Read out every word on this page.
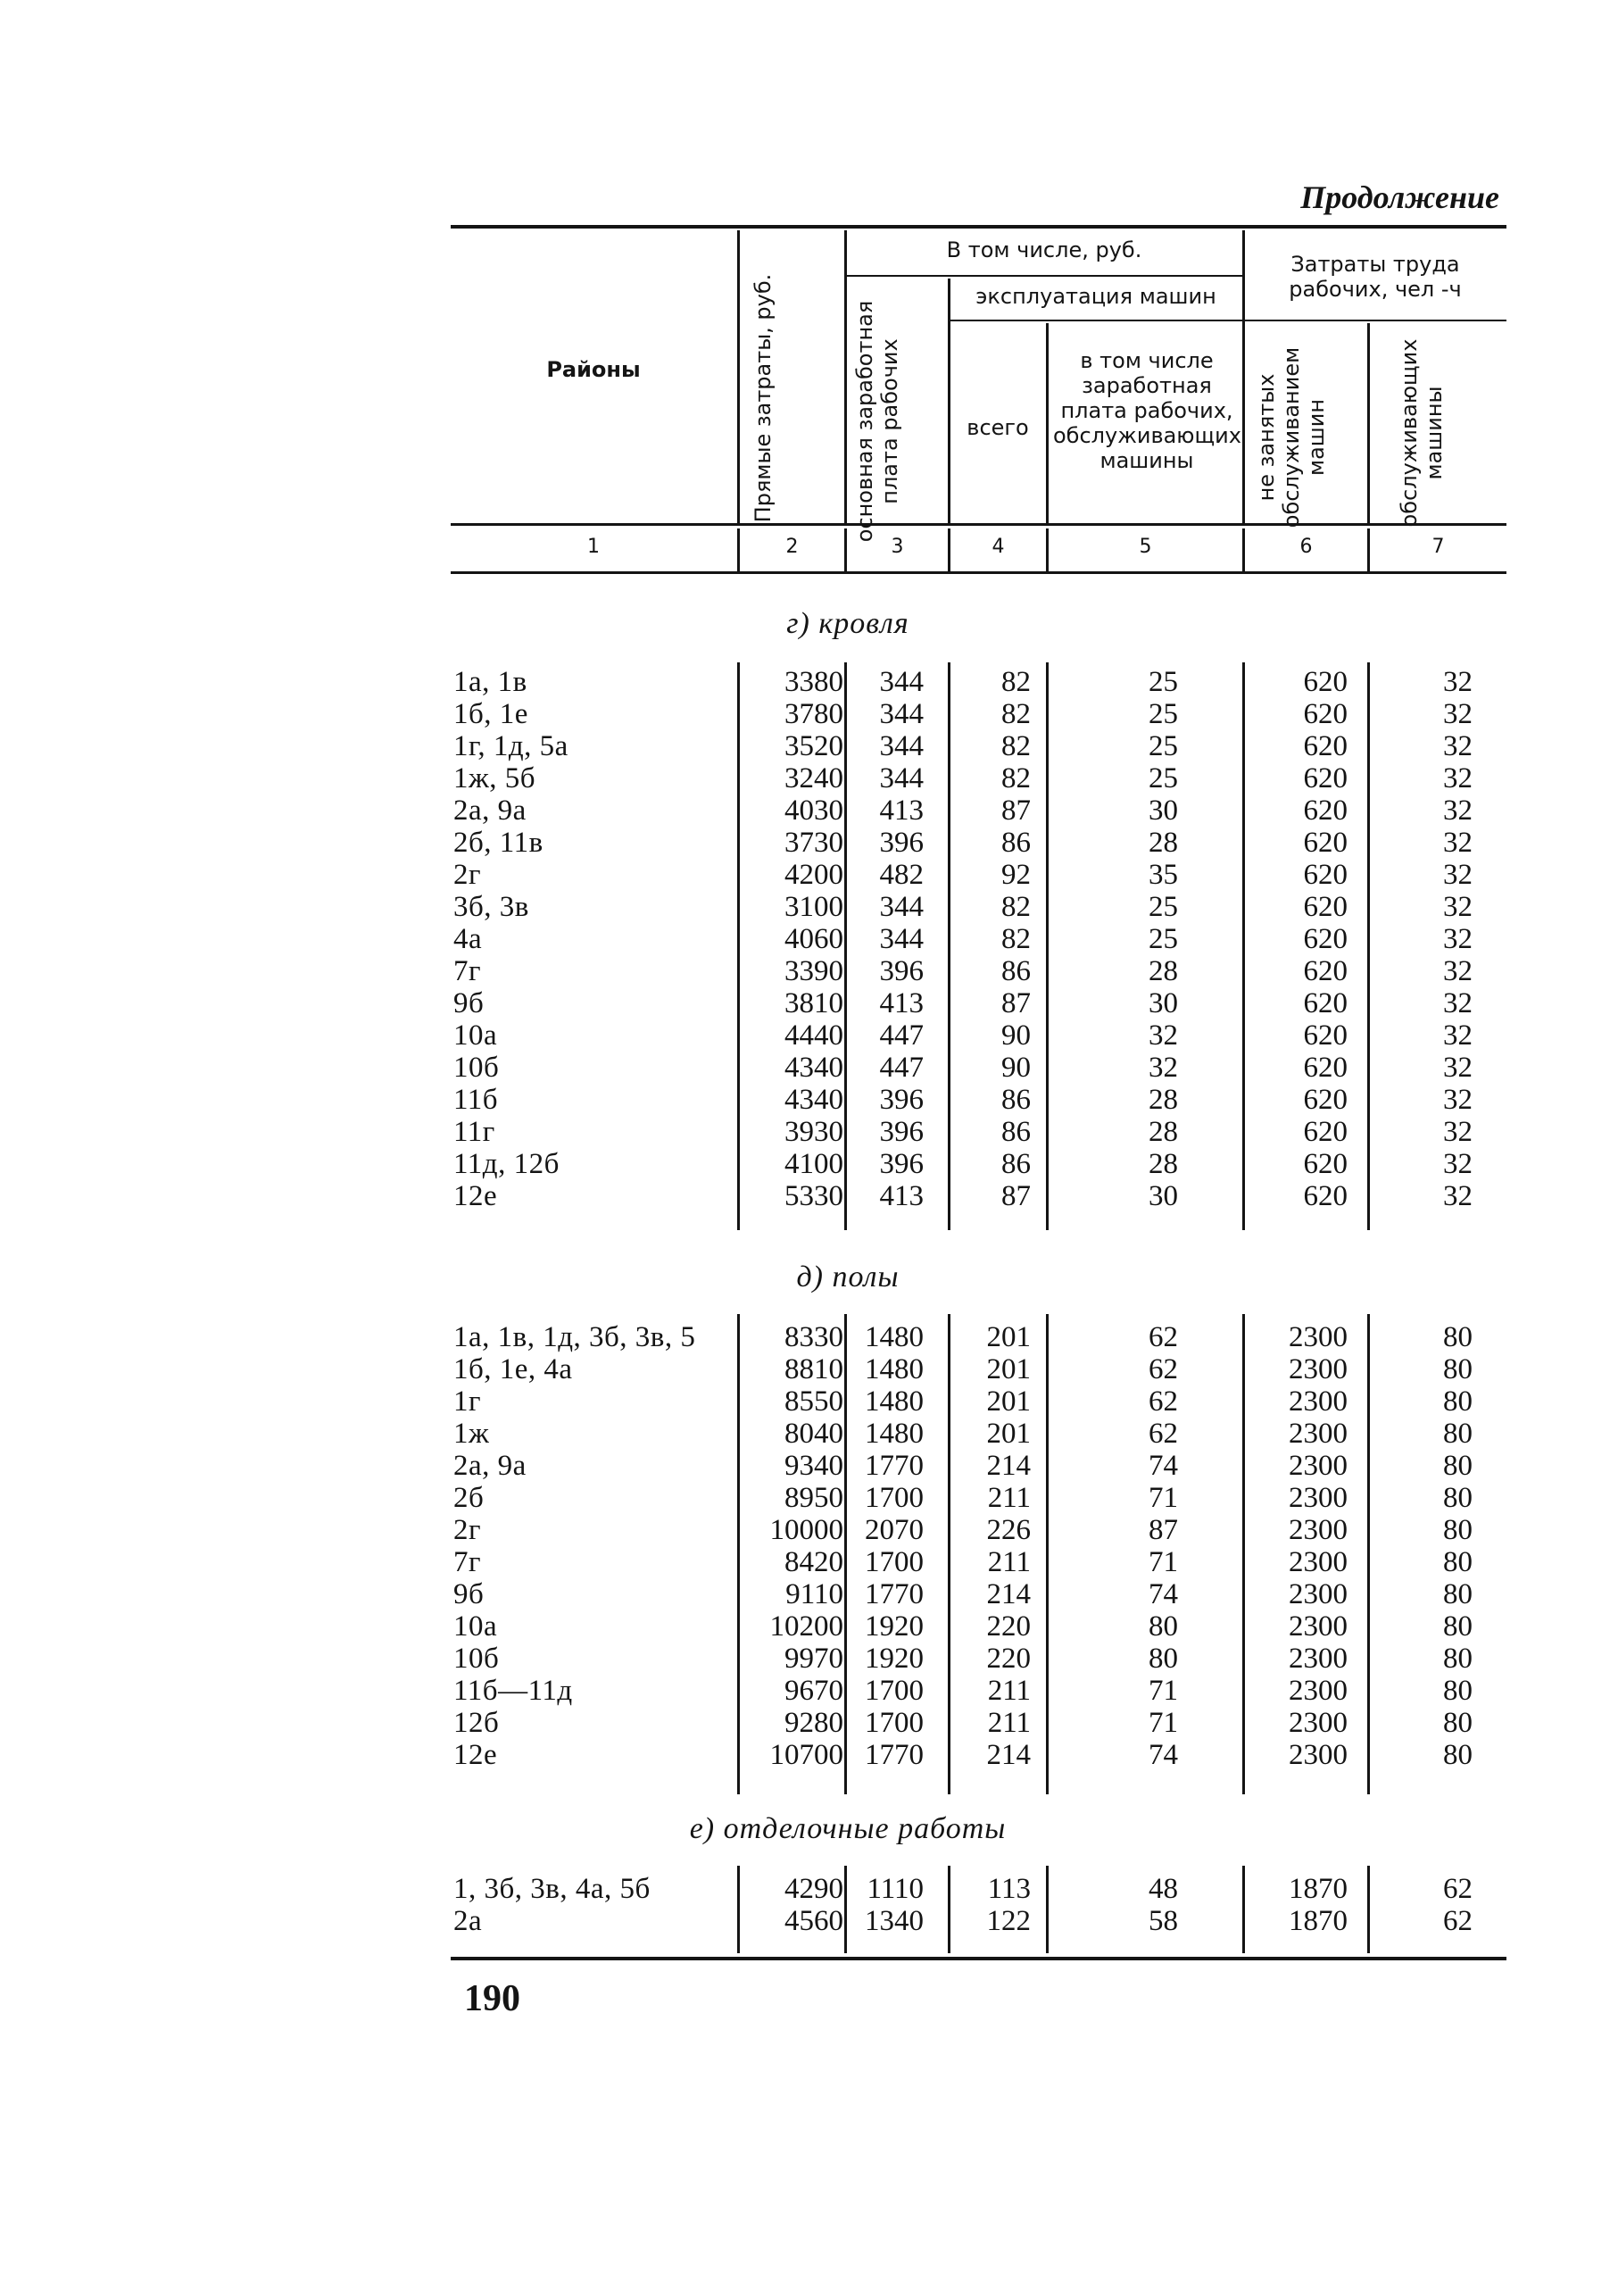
Продолжение
Районы	Прямые затраты, руб.
В том числе, руб.
основная заработная плата рабочих
эксплуатация машин
всего
в том числе заработная плата рабочих, обслуживающих машины
Затраты труда рабочих, чел -ч
не занятых обслуживанием машин	обслуживающих машины
1	2	3	4	5	6	7
г) кровля
1а, 1в	3380	344	82	25	620	32
1б, 1е	3780	344	82	25	620	32
1г, 1д, 5а	3520	344	82	25	620	32
1ж, 5б	3240	344	82	25	620	32
2а, 9а	4030	413	87	30	620	32
2б, 11в	3730	396	86	28	620	32
2г	4200	482	92	35	620	32
3б, 3в	3100	344	82	25	620	32
4а	4060	344	82	25	620	32
7г	3390	396	86	28	620	32
9б	3810	413	87	30	620	32
10а	4440	447	90	32	620	32
10б	4340	447	90	32	620	32
11б	4340	396	86	28	620	32
11г	3930	396	86	28	620	32
11д, 12б	4100	396	86	28	620	32
12е	5330	413	87	30	620	32
д) полы
1а, 1в, 1д, 3б, 3в, 5	8330 1480	201	62	2300	80
1б, 1е, 4а	8810 1480	201	62	2300	80
1г	8550 1480	201	62	2300	80
1ж	8040 1480	201	62	2300	80
2а, 9а	9340 1770	214	74	2300	80
2б	8950 1700	211	71	2300	80
2г	10000 2070	226	87	2300	80
7г	8420 1700	211	71	2300	80
9б	9110 1770	214	74	2300	80
10а	10200 1920	220	80	2300	80
10б	9970 1920	220	80	2300	80
11б—11д	9670 1700	211	71	2300	80
12б	9280 1700	211	71	2300	80
12е	10700 1770	214	74	2300	80
е) отделочные работы
1, 3б, 3в, 4а, 5б	4290 1110	113	48	1870	62
2а	4560 1340	122	58	1870	62
190
